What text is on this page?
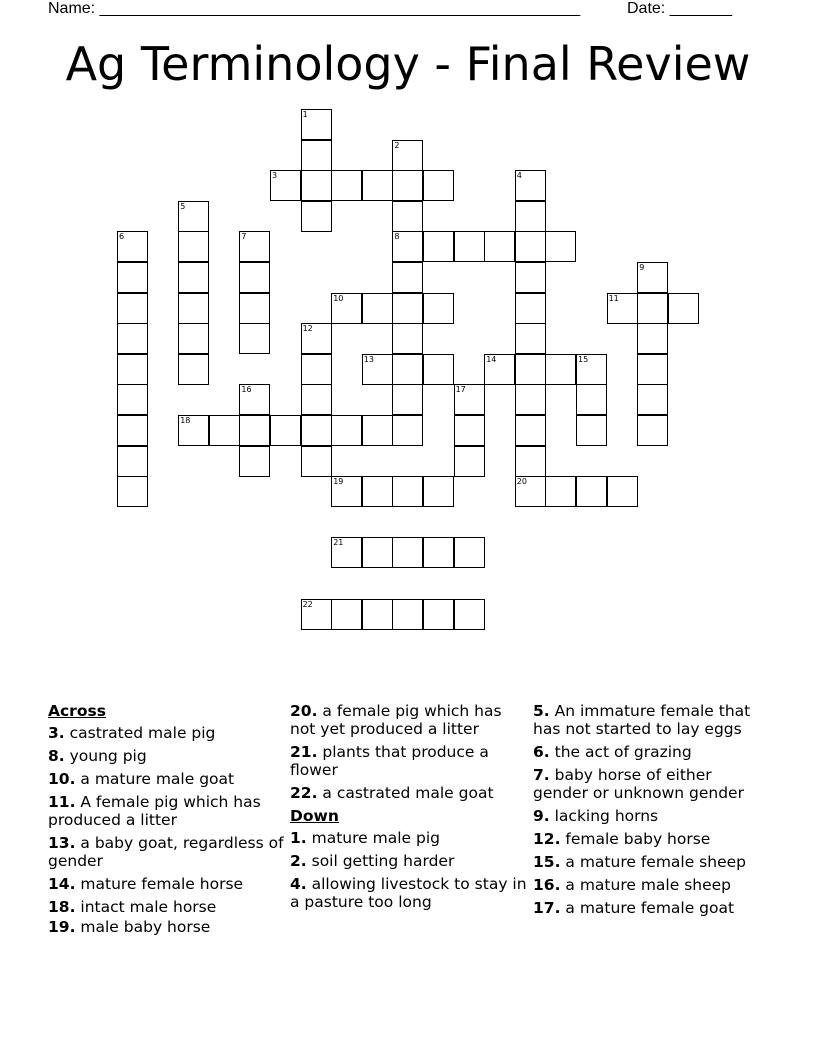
Name: ______________________________________________________	Date: _______
Ag Terminology - Final Review
1
2
8
3	4
20
5
6	7
9
10	11
12
13	14	15
16	17
18
19
21
22
Across
3. castrated male pig
8. young pig
10. a mature male goat
11. A female pig which has produced a litter
13. a baby goat, regardless of gender
14. mature female horse
18. intact male horse
19. male baby horse
20. a female pig which has not yet produced a litter
21. plants that produce a flower
22. a castrated male goat
Down
1. mature male pig
2. soil getting harder
4. allowing livestock to stay in a pasture too long
5. An immature female that has not started to lay eggs
6. the act of grazing
7. baby horse of either gender or unknown gender
9. lacking horns
12. female baby horse
15. a mature female sheep
16. a mature male sheep
17. a mature female goat
